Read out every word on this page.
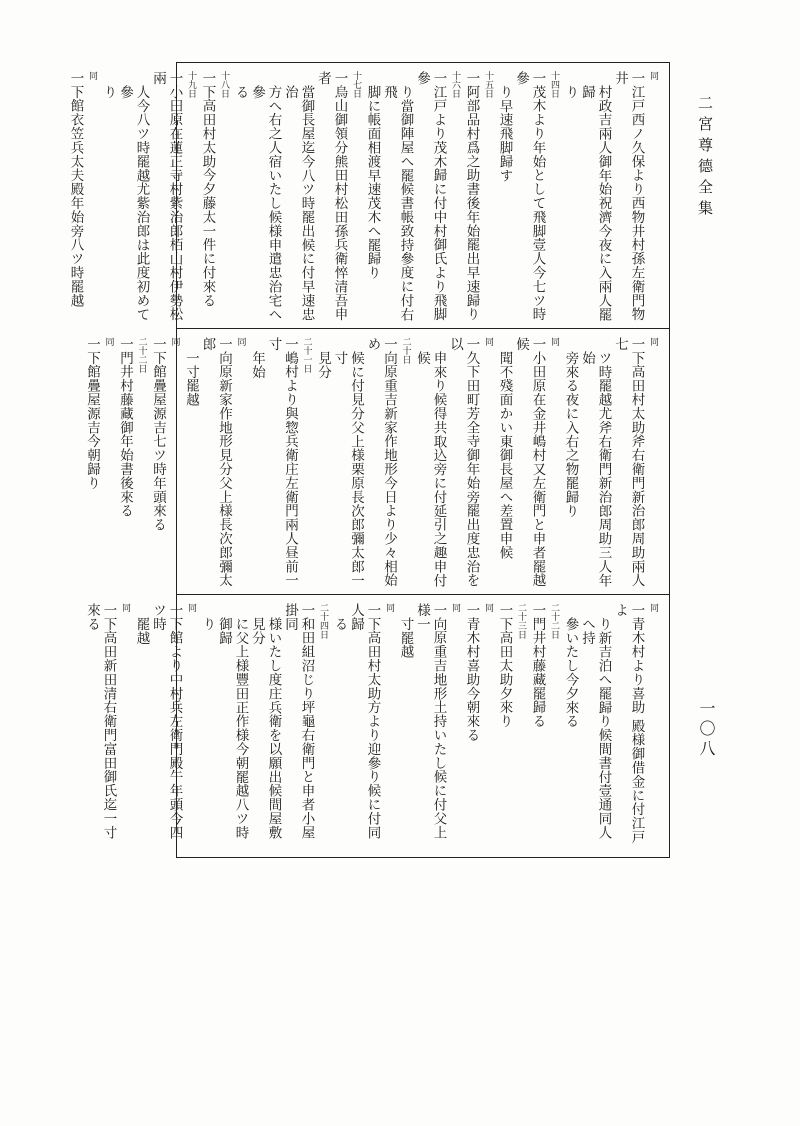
二宮尊德全集
一〇八
同
一江戸西ノ久保より西物井村孫左衛門物井
村政吉兩人御年始祝濟今夜に入兩人罷歸
り
十四日
一茂木より年始として飛脚壹人今七ツ時參
り早速飛脚歸す
十五日
一阿部品村爲之助書後年始罷出早速歸り
十六日
一江戸より茂木歸に付中村御氏より飛脚參
り當御陣屋へ罷候書帳致持參度に付右飛
脚に帳面相渡早速茂木へ罷歸り
十七日
一烏山御領分熊田村松田孫兵衛悴清吾申者
當御長屋迄今八ツ時罷出候に付早速忠治
方へ右之人宿いたし候様申遣忠治宅へ參
る
十八日
一下高田村太助今夕藤太一件に付來る
十九日
一小田原在蓮正寺村紫治郎栢山村伊勢松兩
人今八ツ時罷越尤紫治郎は此度初めて參
り
同
一下館衣笠兵太夫殿年始旁八ツ時罷越
同
一下高田村太助斧右衛門新治郎周助兩人七
ツ時罷越尤斧右衛門新治郎周助三人年始
旁來る夜に入右之物罷歸り
同
一小田原在金井嶋村又左衛門と申者罷越候
聞不殘面かい東御長屋へ差置申候
同
一久下田町芳全寺御年始旁罷出度忠治を以
申來り候得共取込旁に付延引之趣申付候
二十日
一向原重吉新家作地形今日より少々相始め
候に付見分父上様栗原長次郎彌太郎一寸
見分
二十一日
一嶋村より與惣兵衛庄左衛門兩人昼前一寸
年始
同
一向原新家作地形見分父上様長次郎彌太郎
一寸罷越
同
一下館疊屋源吉七ツ時年頭來る
二十二日
一門井村藤藏御年始書後來る
同
一下館疊屋源吉今朝歸り
同
一青木村より喜助 殿様御借金に付江戸よ
り新吉泊へ罷歸り候間書付壹通同人へ持
參いたし今夕來る
二十二日
一門井村藤藏罷歸る
二十三日
一下高田太助夕來り
同
一青木村喜助今朝來る
同
一向原重吉地形土持いたし候に付父上様一
寸罷越
同
一下高田村太助方より迎參り候に付同人歸
る
二十四日
一和田組沼じり坪龜右衛門と申者小屋掛同
様いたし度庄兵衛を以願出候間屋敷見分
に父上様豐田正作様今朝罷越八ツ時御歸
り
同
一下館より中村兵左衛門殿午年頭今四ツ時
罷越
同
一下高田新田清右衛門富田御氏迄一寸來る
